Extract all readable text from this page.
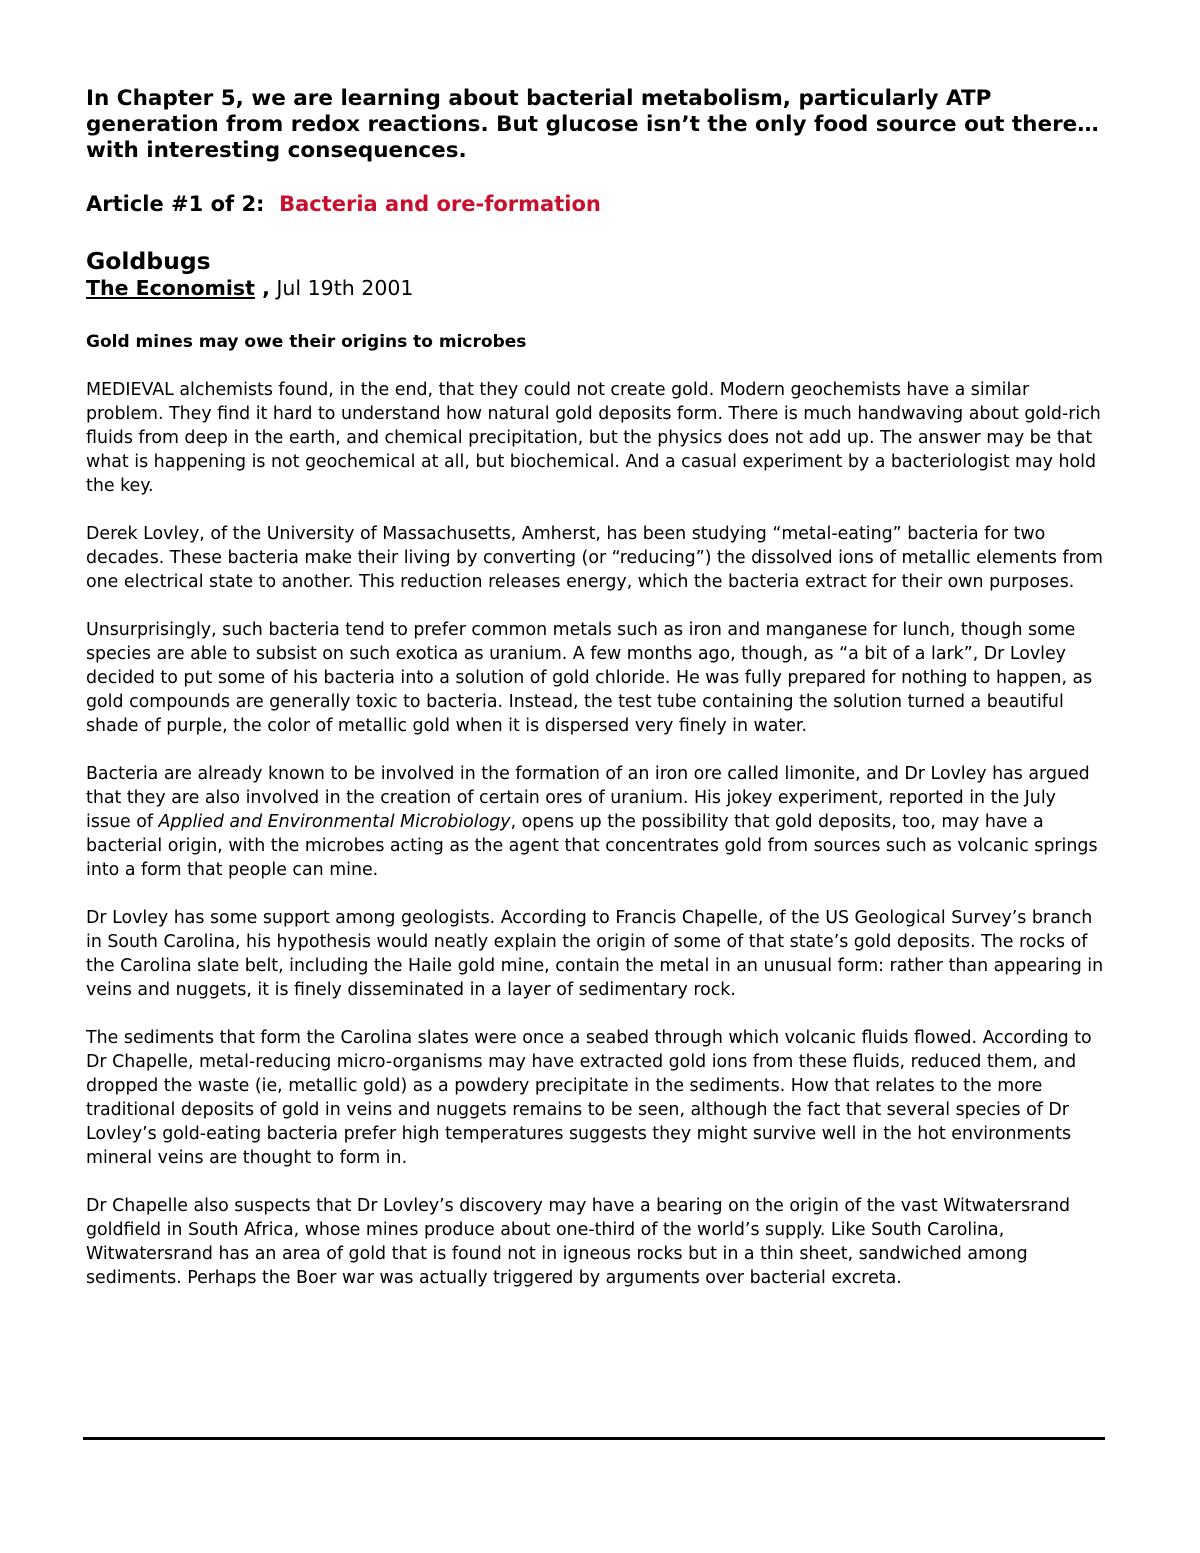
In Chapter 5, we are learning about bacterial metabolism, particularly ATP generation from redox reactions. But glucose isn’t the only food source out there…with interesting consequences.

Article #1 of 2: Bacteria and ore-formation

Goldbugs

The Economist , Jul 19th 2001

Gold mines may owe their origins to microbes

MEDIEVAL alchemists found, in the end, that they could not create gold. Modern geochemists have a similar problem. They find it hard to understand how natural gold deposits form. There is much handwaving about gold-rich fluids from deep in the earth, and chemical precipitation, but the physics does not add up. The answer may be that what is happening is not geochemical at all, but biochemical. And a casual experiment by a bacteriologist may hold the key.

Derek Lovley, of the University of Massachusetts, Amherst, has been studying “metal-eating” bacteria for two decades. These bacteria make their living by converting (or “reducing”) the dissolved ions of metallic elements from one electrical state to another. This reduction releases energy, which the bacteria extract for their own purposes.

Unsurprisingly, such bacteria tend to prefer common metals such as iron and manganese for lunch, though some species are able to subsist on such exotica as uranium. A few months ago, though, as “a bit of a lark”, Dr Lovley decided to put some of his bacteria into a solution of gold chloride. He was fully prepared for nothing to happen, as gold compounds are generally toxic to bacteria. Instead, the test tube containing the solution turned a beautiful shade of purple, the color of metallic gold when it is dispersed very finely in water.

Bacteria are already known to be involved in the formation of an iron ore called limonite, and Dr Lovley has argued that they are also involved in the creation of certain ores of uranium. His jokey experiment, reported in the July issue of Applied and Environmental Microbiology, opens up the possibility that gold deposits, too, may have a bacterial origin, with the microbes acting as the agent that concentrates gold from sources such as volcanic springs into a form that people can mine.

Dr Lovley has some support among geologists. According to Francis Chapelle, of the US Geological Survey’s branch in South Carolina, his hypothesis would neatly explain the origin of some of that state’s gold deposits. The rocks of the Carolina slate belt, including the Haile gold mine, contain the metal in an unusual form: rather than appearing in veins and nuggets, it is finely disseminated in a layer of sedimentary rock.

The sediments that form the Carolina slates were once a seabed through which volcanic fluids flowed. According to Dr Chapelle, metal-reducing micro-organisms may have extracted gold ions from these fluids, reduced them, and dropped the waste (ie, metallic gold) as a powdery precipitate in the sediments. How that relates to the more traditional deposits of gold in veins and nuggets remains to be seen, although the fact that several species of Dr Lovley’s gold-eating bacteria prefer high temperatures suggests they might survive well in the hot environments mineral veins are thought to form in.

Dr Chapelle also suspects that Dr Lovley’s discovery may have a bearing on the origin of the vast Witwatersrand goldfield in South Africa, whose mines produce about one-third of the world’s supply. Like South Carolina, Witwatersrand has an area of gold that is found not in igneous rocks but in a thin sheet, sandwiched among sediments. Perhaps the Boer war was actually triggered by arguments over bacterial excreta.
